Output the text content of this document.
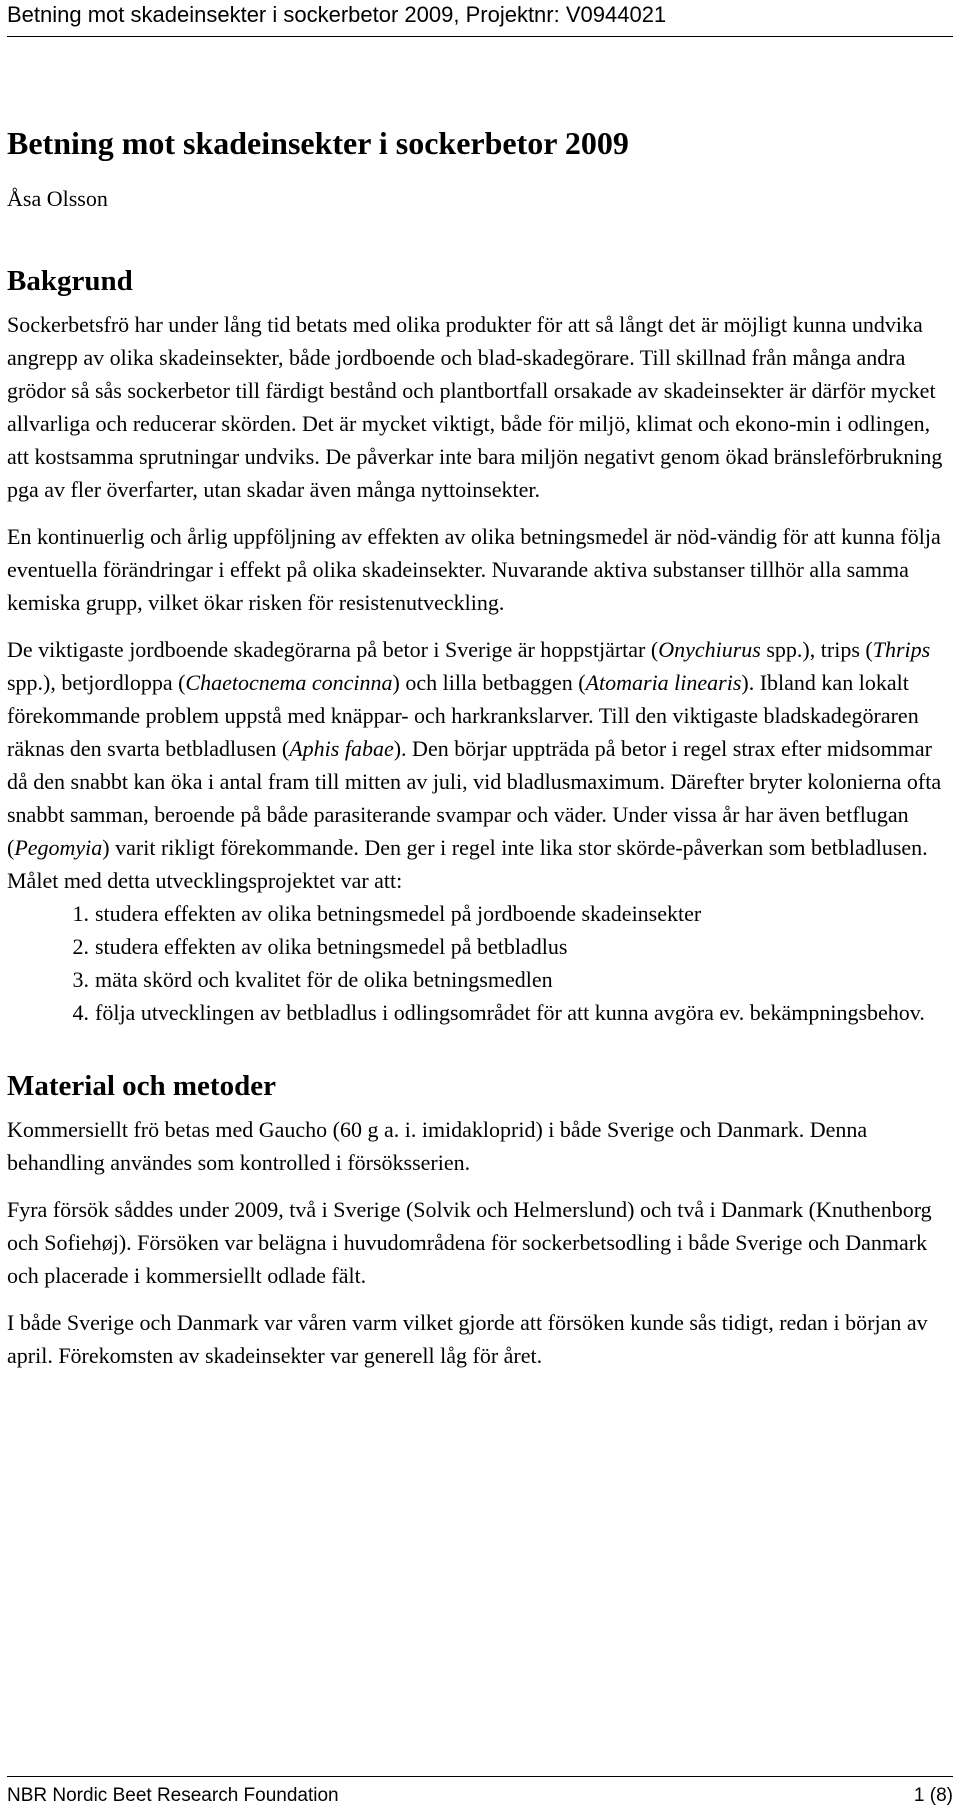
Betning mot skadeinsekter i sockerbetor 2009, Projektnr: V0944021
Betning mot skadeinsekter i sockerbetor 2009

Åsa Olsson

Bakgrund

Sockerbetsfrö har under lång tid betats med olika produkter för att så långt det är möjligt kunna undvika angrepp av olika skadeinsekter, både jordboende och blad-skadegörare. Till skillnad från många andra grödor så sås sockerbetor till färdigt bestånd och plantbortfall orsakade av skadeinsekter är därför mycket allvarliga och reducerar skörden. Det är mycket viktigt, både för miljö, klimat och ekono-min i odlingen, att kostsamma sprutningar undviks. De påverkar inte bara miljön negativt genom ökad bränsleförbrukning pga av fler överfarter, utan skadar även många nyttoinsekter.

En kontinuerlig och årlig uppföljning av effekten av olika betningsmedel är nöd-vändig för att kunna följa eventuella förändringar i effekt på olika skadeinsekter. Nuvarande aktiva substanser tillhör alla samma kemiska grupp, vilket ökar risken för resistenutveckling.

De viktigaste jordboende skadegörarna på betor i Sverige är hoppstjärtar (Onychiurus spp.), trips (Thrips spp.), betjordloppa (Chaetocnema concinna) och lilla betbaggen (Atomaria linearis). Ibland kan lokalt förekommande problem uppstå med knäppar- och harkrankslarver. Till den viktigaste bladskadegöraren räknas den svarta betbladlusen (Aphis fabae). Den börjar uppträda på betor i regel strax efter midsommar då den snabbt kan öka i antal fram till mitten av juli, vid bladlusmaximum. Därefter bryter kolonierna ofta snabbt samman, beroende på både parasiterande svampar och väder. Under vissa år har även betflugan (Pegomyia) varit rikligt förekommande. Den ger i regel inte lika stor skörde-påverkan som betbladlusen.

Målet med detta utvecklingsprojektet var att:

1. studera effekten av olika betningsmedel på jordboende skadeinsekter
2. studera effekten av olika betningsmedel på betbladlus
3. mäta skörd och kvalitet för de olika betningsmedlen
4. följa utvecklingen av betbladlus i odlingsområdet för att kunna avgöra ev. bekämpningsbehov.
Material och metoder

Kommersiellt frö betas med Gaucho (60 g a. i. imidakloprid) i både Sverige och Danmark. Denna behandling användes som kontrolled i försöksserien.

Fyra försök såddes under 2009, två i Sverige (Solvik och Helmerslund) och två i Danmark (Knuthenborg och Sofiehøj). Försöken var belägna i huvudområdena för sockerbetsodling i både Sverige och Danmark och placerade i kommersiellt odlade fält.

I både Sverige och Danmark var våren varm vilket gjorde att försöken kunde sås tidigt, redan i början av april. Förekomsten av skadeinsekter var generell låg för året.

NBR Nordic Beet Research Foundation	1 (8)
